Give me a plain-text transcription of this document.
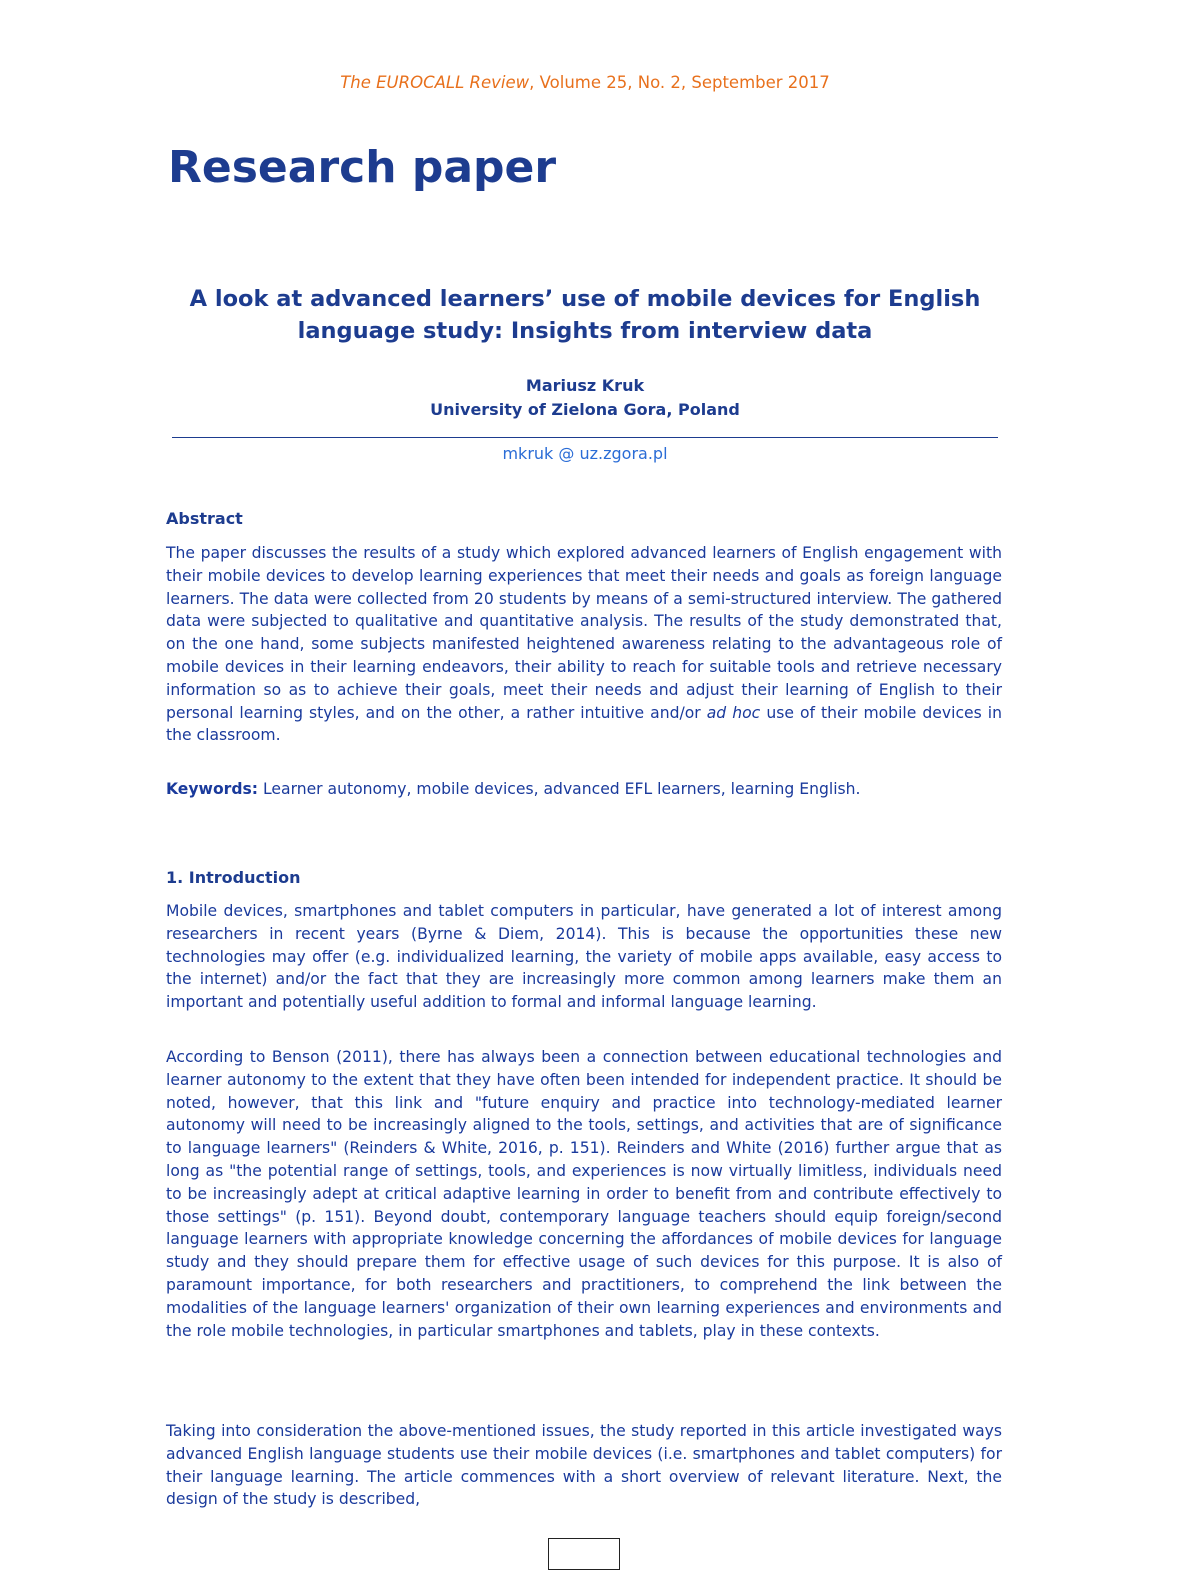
The EUROCALL Review, Volume 25, No. 2, September 2017
Research paper
A look at advanced learners’ use of mobile devices for English language study: Insights from interview data
Mariusz Kruk
University of Zielona Gora, Poland
mkruk @ uz.zgora.pl
Abstract

The paper discusses the results of a study which explored advanced learners of English engagement with their mobile devices to develop learning experiences that meet their needs and goals as foreign language learners. The data were collected from 20 students by means of a semi-structured interview. The gathered data were subjected to qualitative and quantitative analysis. The results of the study demonstrated that, on the one hand, some subjects manifested heightened awareness relating to the advantageous role of mobile devices in their learning endeavors, their ability to reach for suitable tools and retrieve necessary information so as to achieve their goals, meet their needs and adjust their learning of English to their personal learning styles, and on the other, a rather intuitive and/or ad hoc use of their mobile devices in the classroom.

Keywords: Learner autonomy, mobile devices, advanced EFL learners, learning English.

1. Introduction

Mobile devices, smartphones and tablet computers in particular, have generated a lot of interest among researchers in recent years (Byrne & Diem, 2014). This is because the opportunities these new technologies may offer (e.g. individualized learning, the variety of mobile apps available, easy access to the internet) and/or the fact that they are increasingly more common among learners make them an important and potentially useful addition to formal and informal language learning.

According to Benson (2011), there has always been a connection between educational technologies and learner autonomy to the extent that they have often been intended for independent practice. It should be noted, however, that this link and "future enquiry and practice into technology-mediated learner autonomy will need to be increasingly aligned to the tools, settings, and activities that are of significance to language learners" (Reinders & White, 2016, p. 151). Reinders and White (2016) further argue that as long as "the potential range of settings, tools, and experiences is now virtually limitless, individuals need to be increasingly adept at critical adaptive learning in order to benefit from and contribute effectively to those settings" (p. 151). Beyond doubt, contemporary language teachers should equip foreign/second language learners with appropriate knowledge concerning the affordances of mobile devices for language study and they should prepare them for effective usage of such devices for this purpose. It is also of paramount importance, for both researchers and practitioners, to comprehend the link between the modalities of the language learners' organization of their own learning experiences and environments and the role mobile technologies, in particular smartphones and tablets, play in these contexts.

Taking into consideration the above-mentioned issues, the study reported in this article investigated ways advanced English language students use their mobile devices (i.e. smartphones and tablet computers) for their language learning. The article commences with a short overview of relevant literature. Next, the design of the study is described,
